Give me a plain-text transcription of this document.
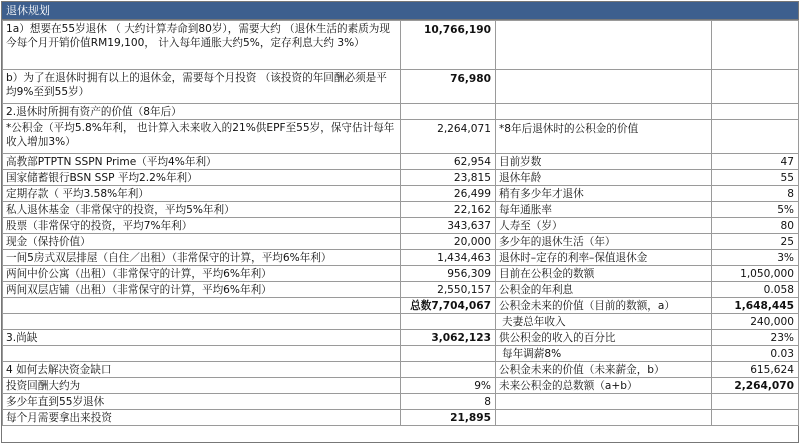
退休规划
1a）想要在55岁退休 （ 大约计算寿命到80岁），需要大约 （退休生活的素质为现今每个月开销价值RM19,100， 计入每年通胀大约5%，定存利息大约 3%）	10,766,190		
b）为了在退休时拥有以上的退休金，需要每个月投资 （该投资的年回酬必须是平均9%至到55岁）	76,980		
2.退休时所拥有资产的价值（8年后）			
*公积金（平均5.8%年利， 也计算入未来收入的21%供EPF至55岁，保守估计每年收入增加3%）	2,264,071	*8年后退休时的公积金的价值	
高教部PTPTN SSPN Prime（平均4%年利）	62,954	目前岁数	47
国家储蓄银行BSN SSP 平均2.2%年利）	23,815	退休年龄	55
定期存款（ 平均3.58%年利）	26,499	稍有多少年才退休	8
私人退休基金（非常保守的投资，平均5%年利）	22,162	每年通胀率	5%
股票（非常保守的投资，平均7%年利）	343,637	人寿至（岁）	80
现金（保持价值）	20,000	多少年的退休生活（年）	25
一间5房式双层排屋（自住／出租）（非常保守的计算，平均6%年利）	1,434,463	退休时–定存的利率–保值退休金	3%
两间中价公寓（出租）（非常保守的计算，平均6%年利）	956,309	目前在公积金的数额	1,050,000
两间双层店铺（出租）（非常保守的计算，平均6%年利）	2,550,157	公积金的年利息	0.058
	总数7,704,067	公积金未来的价值（目前的数额，a）	1,648,445
		夫妻总年收入	240,000
3.尚缺	3,062,123	供公积金的收入的百分比	23%
		每年调薪8%	0.03
4 如何去解决资金缺口		公积金未来的价值（未来薪金，b）	615,624
投资回酬大约为	9%	未来公积金的总数额（a+b）	2,264,070
多少年直到55岁退休	8		
每个月需要拿出来投资	21,895		
